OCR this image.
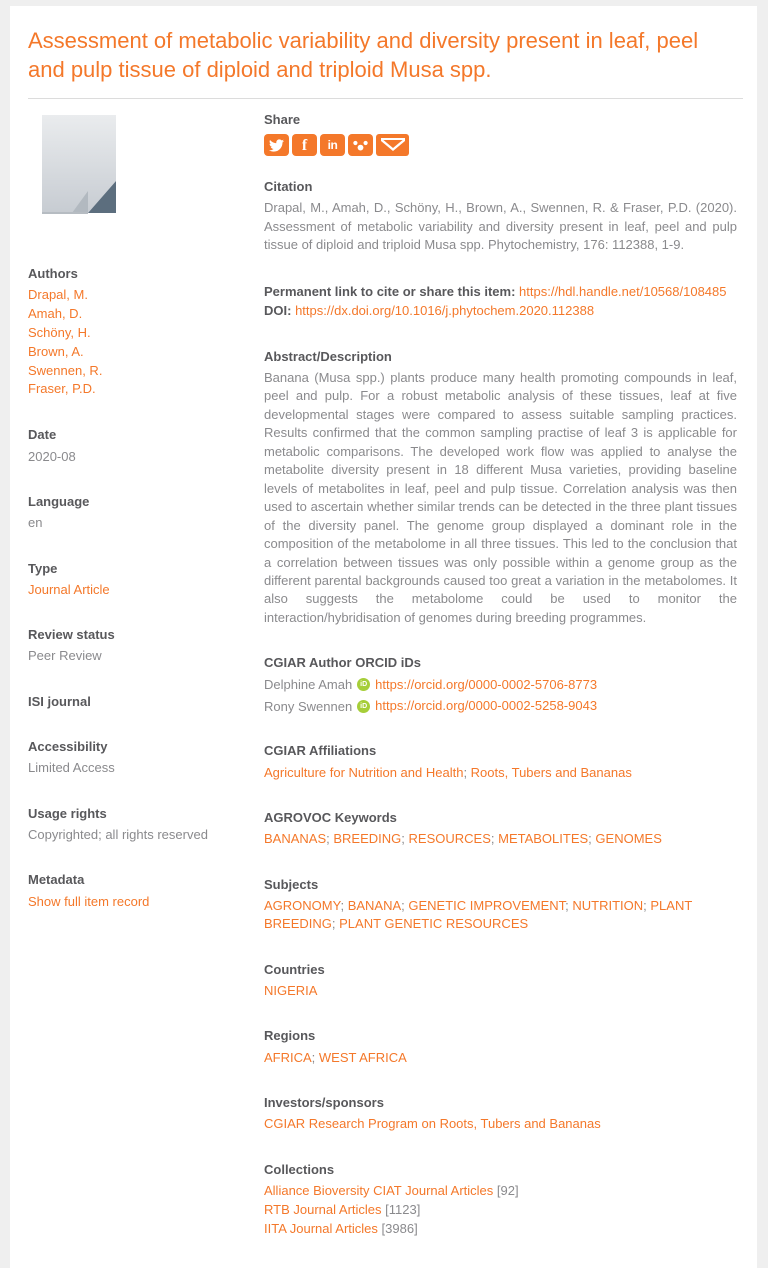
Assessment of metabolic variability and diversity present in leaf, peel and pulp tissue of diploid and triploid Musa spp.
Authors
Drapal, M.
Amah, D.
Schöny, H.
Brown, A.
Swennen, R.
Fraser, P.D.
Date
2020-08
Language
en
Type
Journal Article
Review status
Peer Review
ISI journal
Accessibility
Limited Access
Usage rights
Copyrighted; all rights reserved
Metadata
Show full item record
Share
f in
Citation
Drapal, M., Amah, D., Schöny, H., Brown, A., Swennen, R. & Fraser, P.D. (2020). Assessment of metabolic variability and diversity present in leaf, peel and pulp tissue of diploid and triploid Musa spp. Phytochemistry, 176: 112388, 1-9.
Permanent link to cite or share this item: https://hdl.handle.net/10568/108485
DOI: https://dx.doi.org/10.1016/j.phytochem.2020.112388
Abstract/Description
Banana (Musa spp.) plants produce many health promoting compounds in leaf, peel and pulp. For a robust metabolic analysis of these tissues, leaf at five developmental stages were compared to assess suitable sampling practices. Results confirmed that the common sampling practise of leaf 3 is applicable for metabolic comparisons. The developed work flow was applied to analyse the metabolite diversity present in 18 different Musa varieties, providing baseline levels of metabolites in leaf, peel and pulp tissue. Correlation analysis was then used to ascertain whether similar trends can be detected in the three plant tissues of the diversity panel. The genome group displayed a dominant role in the composition of the metabolome in all three tissues. This led to the conclusion that a correlation between tissues was only possible within a genome group as the different parental backgrounds caused too great a variation in the metabolomes. It also suggests the metabolome could be used to monitor the interaction/hybridisation of genomes during breeding programmes.
CGIAR Author ORCID iDs
Delphine Amah	iD https://orcid.org/0000-0002-5706-8773
Rony Swennen	iD https://orcid.org/0000-0002-5258-9043
CGIAR Affiliations
Agriculture for Nutrition and Health; Roots, Tubers and Bananas
AGROVOC Keywords
BANANAS; BREEDING; RESOURCES; METABOLITES; GENOMES
Subjects
AGRONOMY; BANANA; GENETIC IMPROVEMENT; NUTRITION; PLANT BREEDING; PLANT GENETIC RESOURCES
Countries
NIGERIA
Regions
AFRICA; WEST AFRICA
Investors/sponsors
CGIAR Research Program on Roots, Tubers and Bananas
Collections
Alliance Bioversity CIAT Journal Articles [92]
RTB Journal Articles [1123]
IITA Journal Articles [3986]
